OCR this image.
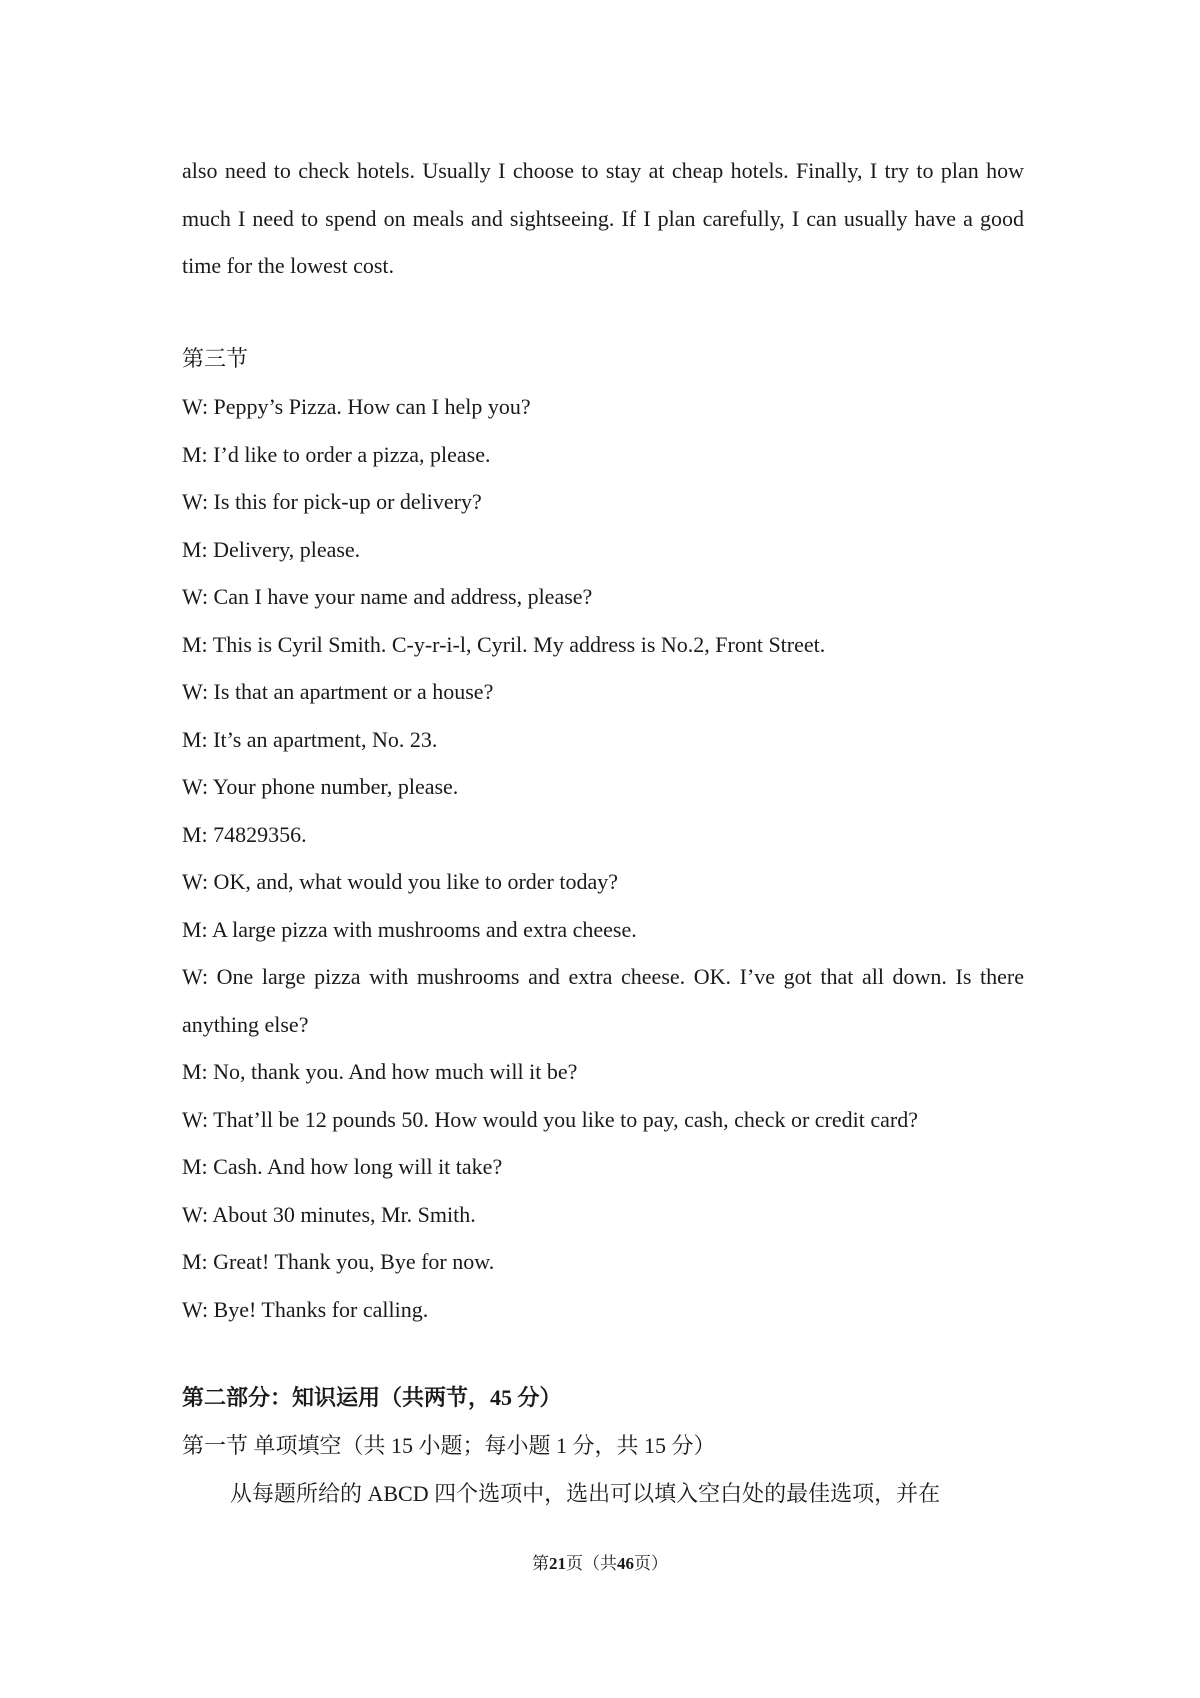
also need to check hotels. Usually I choose to stay at cheap hotels. Finally, I try to plan how much I need to spend on meals and sightseeing. If I plan carefully, I can usually have a good time for the lowest cost.

第三节

W: Peppy’s Pizza. How can I help you?

M: I’d like to order a pizza, please.

W: Is this for pick-up or delivery?

M: Delivery, please.

W: Can I have your name and address, please?

M: This is Cyril Smith. C-y-r-i-l, Cyril. My address is No.2, Front Street.

W: Is that an apartment or a house?

M: It’s an apartment, No. 23.

W: Your phone number, please.

M: 74829356.

W: OK, and, what would you like to order today?

M: A large pizza with mushrooms and extra cheese.

W: One large pizza with mushrooms and extra cheese. OK. I’ve got that all down. Is there anything else?

M: No, thank you. And how much will it be?

W: That’ll be 12 pounds 50. How would you like to pay, cash, check or credit card?

M: Cash. And how long will it take?

W: About 30 minutes, Mr. Smith.

M: Great! Thank you, Bye for now.

W: Bye! Thanks for calling.

第二部分：知识运用（共两节，45 分）
第一节 单项填空（共 15 小题；每小题 1 分，共 15 分）
从每题所给的 ABCD 四个选项中，选出可以填入空白处的最佳选项，并在
第21页（共46页）
